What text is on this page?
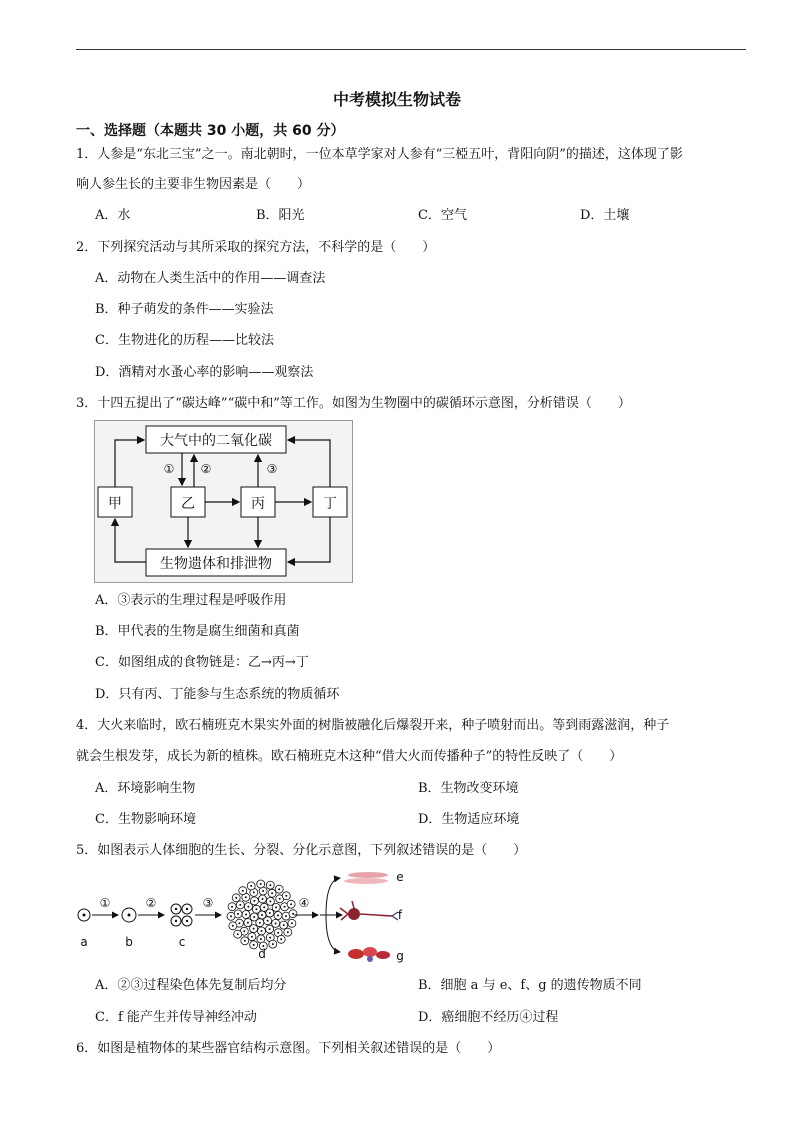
中考模拟生物试卷
一、选择题（本题共 30 小题，共 60 分）
1．人参是“东北三宝”之一。南北朝时，一位本草学家对人参有“三椏五叶，背阳向阴”的描述，这体现了影
响人参生长的主要非生物因素是（　　）
A．水	B．阳光	C．空气	D．土壤
2．下列探究活动与其所采取的探究方法，不科学的是（　　）
A．动物在人类生活中的作用——调查法
B．种子萌发的条件——实验法
C．生物进化的历程——比较法
D．酒精对水蚤心率的影响——观察法
3．十四五提出了“碳达峰”“碳中和”等工作。如图为生物圈中的碳循环示意图，分析错误（　　）
大气中的二氧化碳
生物遗体和排泄物
甲	乙	丙	丁
① ②	③
A．③表示的生理过程是呼吸作用
B．甲代表的生物是腐生细菌和真菌
C．如图组成的食物链是：乙→丙→丁
D．只有丙、丁能参与生态系统的物质循环
4．大火来临时，欧石楠班克木果实外面的树脂被融化后爆裂开来，种子喷射而出。等到雨露滋润，种子
就会生根发芽，成长为新的植株。欧石楠班克木这种“借大火而传播种子”的特性反映了（　　）
A．环境影响生物	B．生物改变环境
C．生物影响环境	D．生物适应环境
5．如图表示人体细胞的生长、分裂、分化示意图，下列叙述错误的是（　　）
a
①
b
②
c
③
d
④
e
f
g
A．②③过程染色体先复制后均分	B．细胞 a 与 e、f、g 的遗传物质不同
C．f 能产生并传导神经冲动	D．癌细胞不经历④过程
6．如图是植物体的某些器官结构示意图。下列相关叙述错误的是（　　）
